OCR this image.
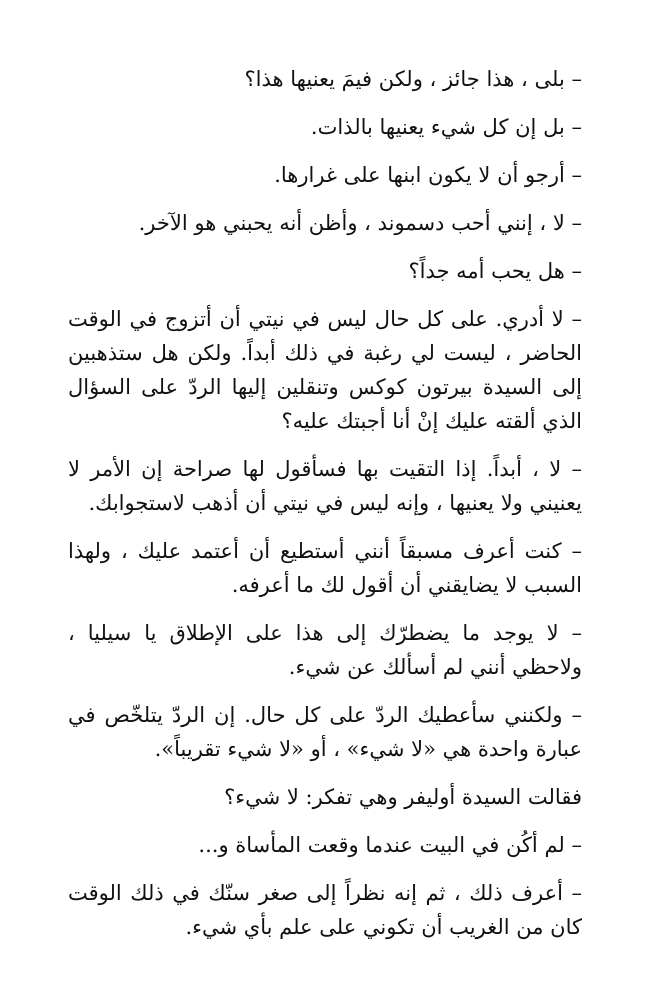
– بلى ، هذا جائز ، ولكن فيمَ يعنيها هذا؟

– بل إن كل شيء يعنيها بالذات.

– أرجو أن لا يكون ابنها على غرارها.

– لا ، إنني أحب دسموند ، وأظن أنه يحبني هو الآخر.

– هل يحب أمه جداً؟

– لا أدري. على كل حال ليس في نيتي أن أتزوج في الوقت الحاضر ، ليست لي رغبة في ذلك أبداً. ولكن هل ستذهبين إلى السيدة بيرتون كوكس وتنقلين إليها الردّ على السؤال الذي ألقته عليك إنْ أنا أجبتك عليه؟

– لا ، أبداً. إذا التقيت بها فسأقول لها صراحة إن الأمر لا يعنيني ولا يعنيها ، وإنه ليس في نيتي أن أذهب لاستجوابك.

– كنت أعرف مسبقاً أنني أستطيع أن أعتمد عليك ، ولهذا السبب لا يضايقني أن أقول لك ما أعرفه.

– لا يوجد ما يضطرّك إلى هذا على الإطلاق يا سيليا ، ولاحظي أنني لم أسألك عن شيء.

– ولكنني سأعطيك الردّ على كل حال. إن الردّ يتلخّص في عبارة واحدة هي «لا شيء» ، أو «لا شيء تقريباً».

فقالت السيدة أوليفر وهي تفكر: لا شيء؟

– لم أكُن في البيت عندما وقعت المأساة و...

– أعرف ذلك ، ثم إنه نظراً إلى صغر سنّك في ذلك الوقت كان من الغريب أن تكوني على علم بأي شيء.
